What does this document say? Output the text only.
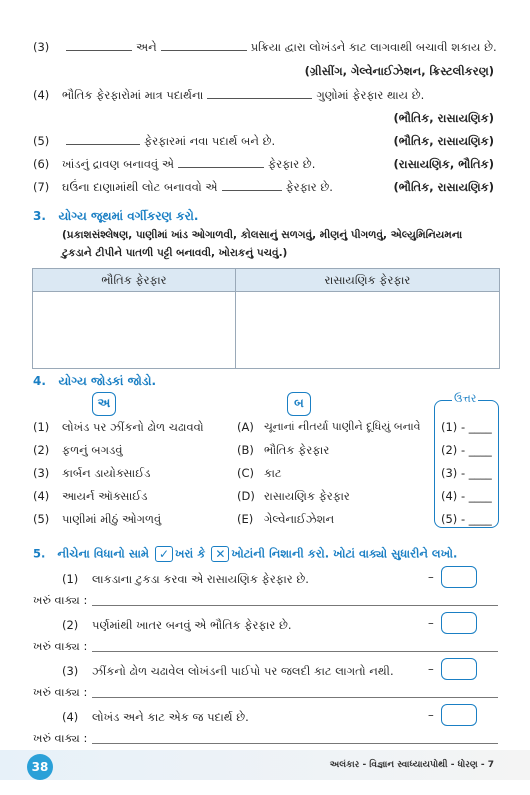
(3)	અને	પ્રક્રિયા દ્વારા લોખંડને કાટ લાગવાથી બચાવી શકાય છે.
(ગ્રીસીંગ, ગેલ્વેનાઈઝેશન, ક્રિસ્ટલીકરણ)
(4) ભૌતિક ફેરફારોમાં માત્ર પદાર્થના	ગુણોમાં ફેરફાર થાય છે.
(ભૌતિક, રાસાયણિક)
(5)	ફેરફારમાં નવા પદાર્થ બને છે.	(ભૌતિક, રાસાયણિક)
(6) ખાંડનું દ્રાવણ બનાવવું એ	ફેરફાર છે.	(રાસાયણિક, ભૌતિક)
(7) ઘઉંના દાણામાંથી લોટ બનાવવો એ	ફેરફાર છે.	(ભૌતિક, રાસાયણિક)
3. યોગ્ય જૂથમાં વર્ગીકરણ કરો.
(પ્રકાશસંશ્લેષણ, પાણીમાં ખાંડ ઓગાળવી, કોલસાનું સળગવું, મીણનું પીગળવું, એલ્યુમિનિયમના
ટુકડાને ટીપીને પાતળી પટ્ટી બનાવવી, ખોરાકનું પચવું.)
ભૌતિક ફેરફાર	રાસાયણિક ફેરફાર

4. યોગ્ય જોડકાં જોડો.
અ	બ	ઉત્તર
(1) લોખંડ પર ઝીંકનો ઢોળ ચઢાવવો	(A) ચૂનાનાં નીતર્યા પાણીને દૂધિયું બનાવે (1) - ____
(2) ફળનું બગડવું	(B) ભૌતિક ફેરફાર	(2) - ____
(3) કાર્બન ડાયોક્સાઈડ	(C) કાટ	(3) - ____
(4) આયર્ન ઑક્સાઈડ	(D) રાસાયણિક ફેરફાર	(4) - ____
(5) પાણીમાં મીઠું ઓગળવું	(E) ગેલ્વેનાઈઝેશન	(5) - ____
5. નીચેના વિધાનો સામે ✓ ખરાં કે ✕ ખોટાંની નિશાની કરો. ખોટાં વાક્યો સુધારીને લખો.
(1) લાકડાના ટુકડા કરવા એ રાસાયણિક ફેરફાર છે.	–
ખરું વાક્ય :
(2) પર્ણમાંથી ખાતર બનવું એ ભૌતિક ફેરફાર છે.	–
ખરું વાક્ય :
(3) ઝીંકનો ઢોળ ચઢાવેલ લોખંડની પાઈપો પર જલદી કાટ લાગતો નથી.	–
ખરું વાક્ય :
(4) લોખંડ અને કાટ એક જ પદાર્થ છે.	–
ખરું વાક્ય :
38	અલંકાર - વિજ્ઞાન સ્વાધ્યાયપોથી - ધોરણ - 7
